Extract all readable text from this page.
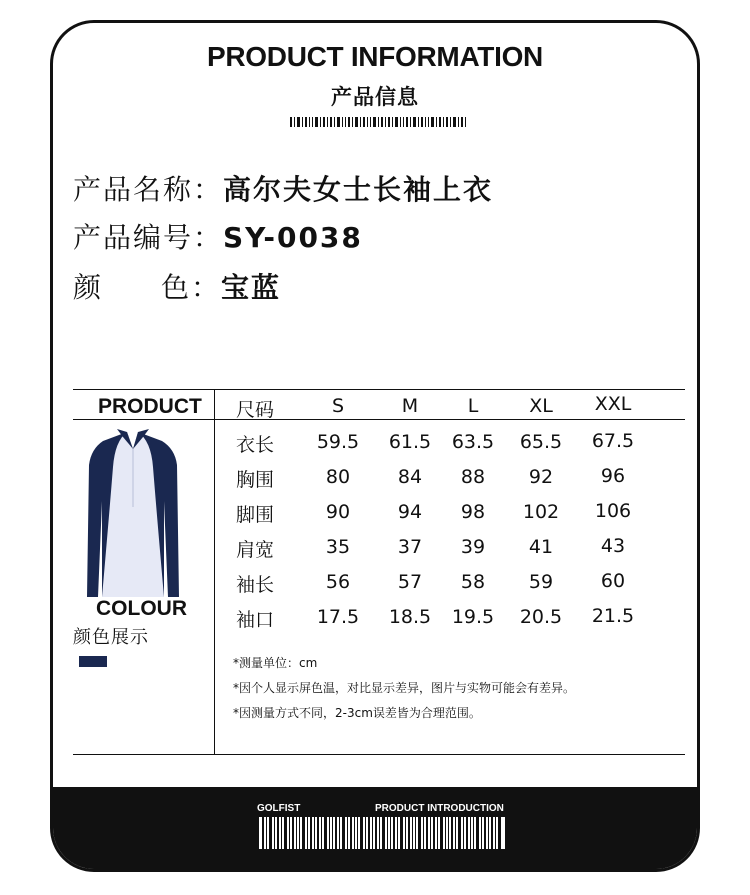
PRODUCT INFORMATION
产品信息
产品名称：高尔夫女士长袖上衣
产品编号：SY-0038
颜 色：宝蓝
PRODUCT 尺码	S	M	L	XL	XXL
衣长	59.5	61.5	63.5	65.5	67.5
胸围	80	84	88	92	96
脚围	90	94	98	102	106
肩宽	35	37	39	41	43
袖长	56	57	58	59	60
袖口	17.5	18.5	19.5	20.5	21.5
COLOUR
颜色展示
*测量单位：cm
*因个人显示屏色温，对比显示差异，图片与实物可能会有差异。
*因测量方式不同，2-3cm误差皆为合理范围。
GOLFIST	PRODUCT INTRODUCTION
